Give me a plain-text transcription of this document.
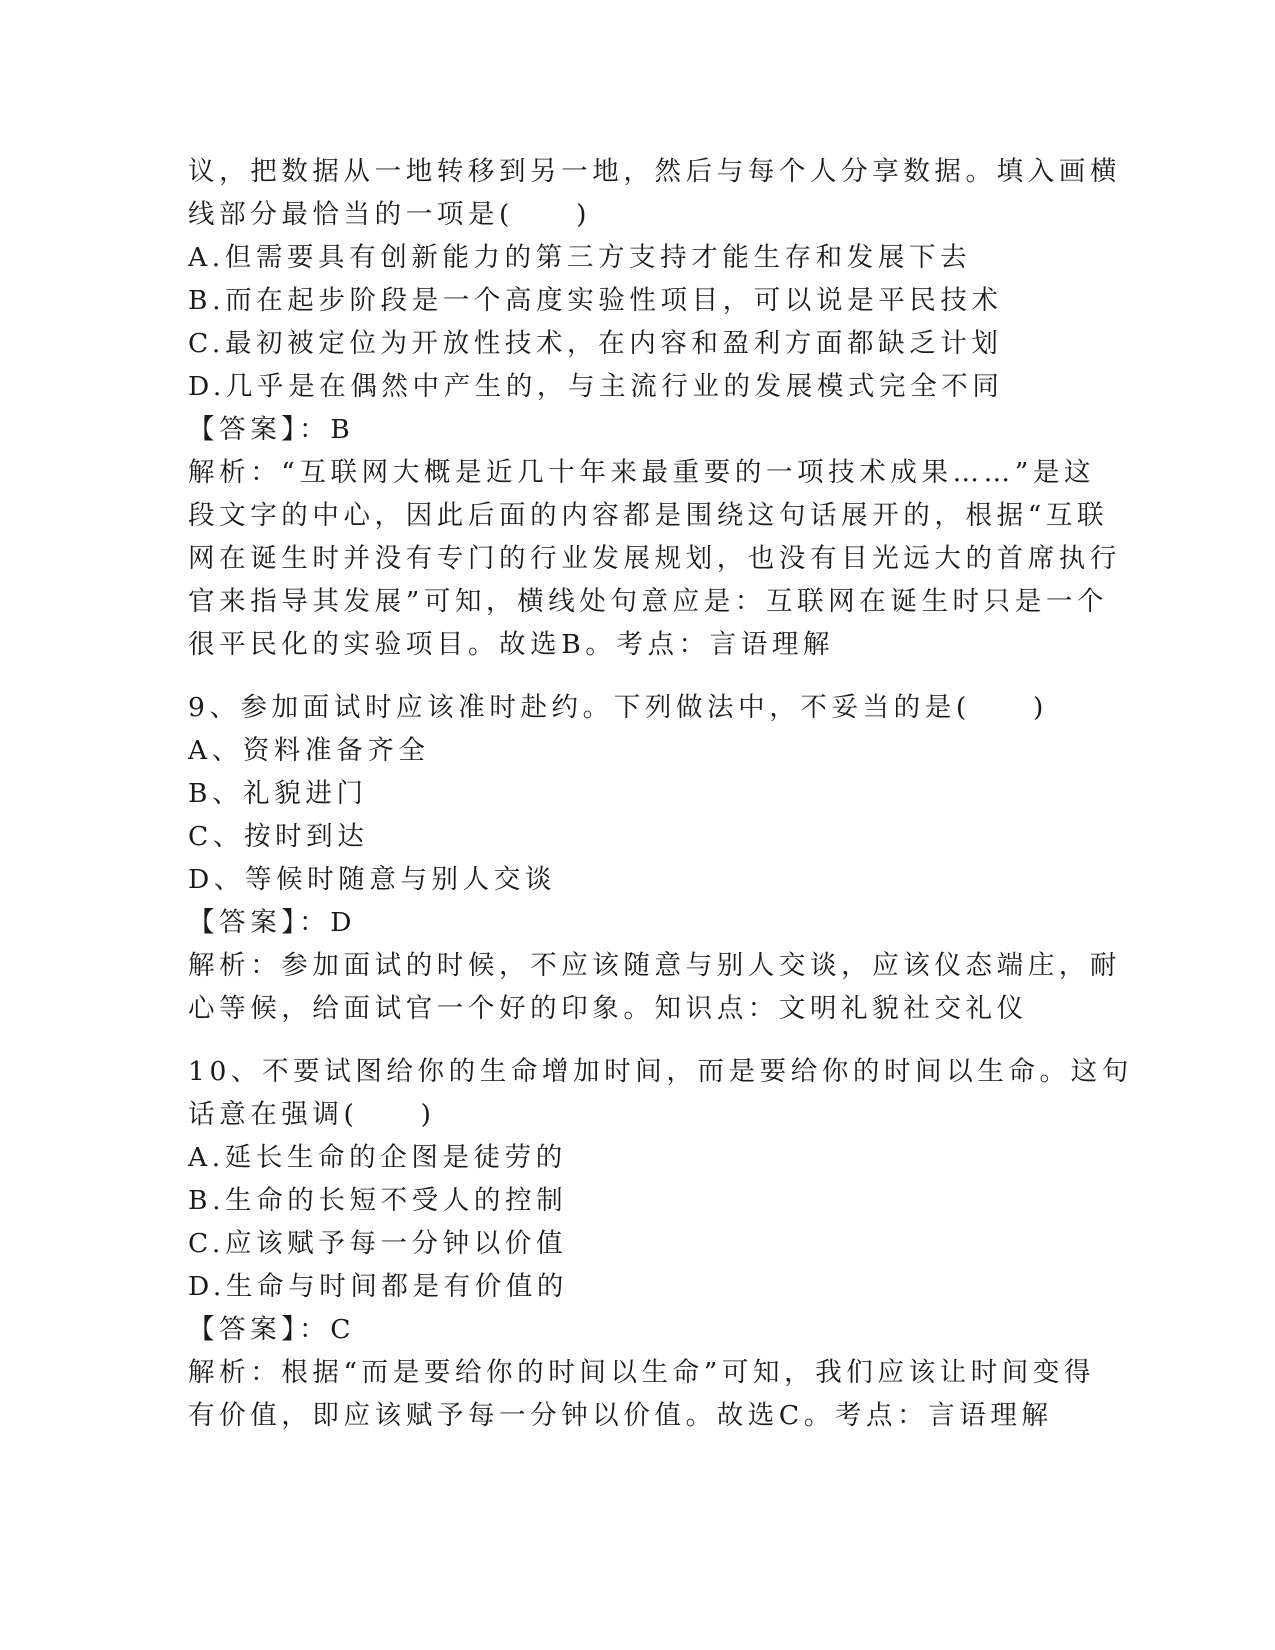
议，把数据从一地转移到另一地，然后与每个人分享数据。填入画横
线部分最恰当的一项是(　　)
A.但需要具有创新能力的第三方支持才能生存和发展下去
B.而在起步阶段是一个高度实验性项目，可以说是平民技术
C.最初被定位为开放性技术，在内容和盈利方面都缺乏计划
D.几乎是在偶然中产生的，与主流行业的发展模式完全不同
【答案】：B
解析：“互联网大概是近几十年来最重要的一项技术成果……”是这
段文字的中心，因此后面的内容都是围绕这句话展开的，根据“互联
网在诞生时并没有专门的行业发展规划，也没有目光远大的首席执行
官来指导其发展”可知，横线处句意应是：互联网在诞生时只是一个
很平民化的实验项目。故选B。考点：言语理解
9、参加面试时应该准时赴约。下列做法中，不妥当的是(　　)
A、资料准备齐全
B、礼貌进门
C、按时到达
D、等候时随意与别人交谈
【答案】：D
解析：参加面试的时候，不应该随意与别人交谈，应该仪态端庄，耐
心等候，给面试官一个好的印象。知识点：文明礼貌社交礼仪
10、不要试图给你的生命增加时间，而是要给你的时间以生命。这句
话意在强调(　　)
A.延长生命的企图是徒劳的
B.生命的长短不受人的控制
C.应该赋予每一分钟以价值
D.生命与时间都是有价值的
【答案】：C
解析：根据“而是要给你的时间以生命”可知，我们应该让时间变得
有价值，即应该赋予每一分钟以价值。故选C。考点：言语理解
